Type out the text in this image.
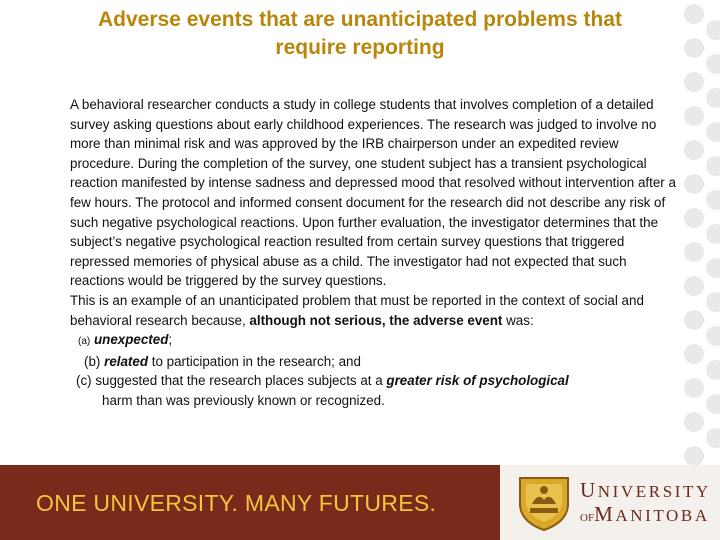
Adverse events that are unanticipated problems that
require reporting

A behavioral researcher conducts a study in college students that involves completion of a detailed survey asking questions about early childhood experiences. The research was judged to involve no more than minimal risk and was approved by the IRB chairperson under an expedited review procedure. During the completion of the survey, one student subject has a transient psychological reaction manifested by intense sadness and depressed mood that resolved without intervention after a few hours. The protocol and informed consent document for the research did not describe any risk of such negative psychological reactions. Upon further evaluation, the investigator determines that the subject’s negative psychological reaction resulted from certain survey questions that triggered repressed memories of physical abuse as a child. The investigator had not expected that such reactions would be triggered by the survey questions.

This is an example of an unanticipated problem that must be reported in the context of social and behavioral research because, although not serious, the adverse event was:

(a) unexpected;
(b) related to participation in the research; and
(c) suggested that the research places subjects at a greater risk of psychological
harm than was previously known or recognized.
ONE UNIVERSITY. MANY FUTURES.	UNIVERSITY
OFMANITOBA
